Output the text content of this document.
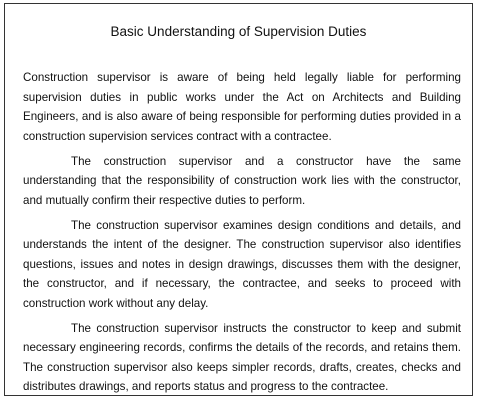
Basic Understanding of Supervision Duties

Construction supervisor is aware of being held legally liable for performing supervision duties in public works under the Act on Architects and Building Engineers, and is also aware of being responsible for performing duties provided in a construction supervision services contract with a contractee.

The construction supervisor and a constructor have the same understanding that the responsibility of construction work lies with the constructor, and mutually confirm their respective duties to perform.

The construction supervisor examines design conditions and details, and understands the intent of the designer. The construction supervisor also identifies questions, issues and notes in design drawings, discusses them with the designer, the constructor, and if necessary, the contractee, and seeks to proceed with construction work without any delay.

The construction supervisor instructs the constructor to keep and submit necessary engineering records, confirms the details of the records, and retains them. The construction supervisor also keeps simpler records, drafts, creates, checks and distributes drawings, and reports status and progress to the contractee.
